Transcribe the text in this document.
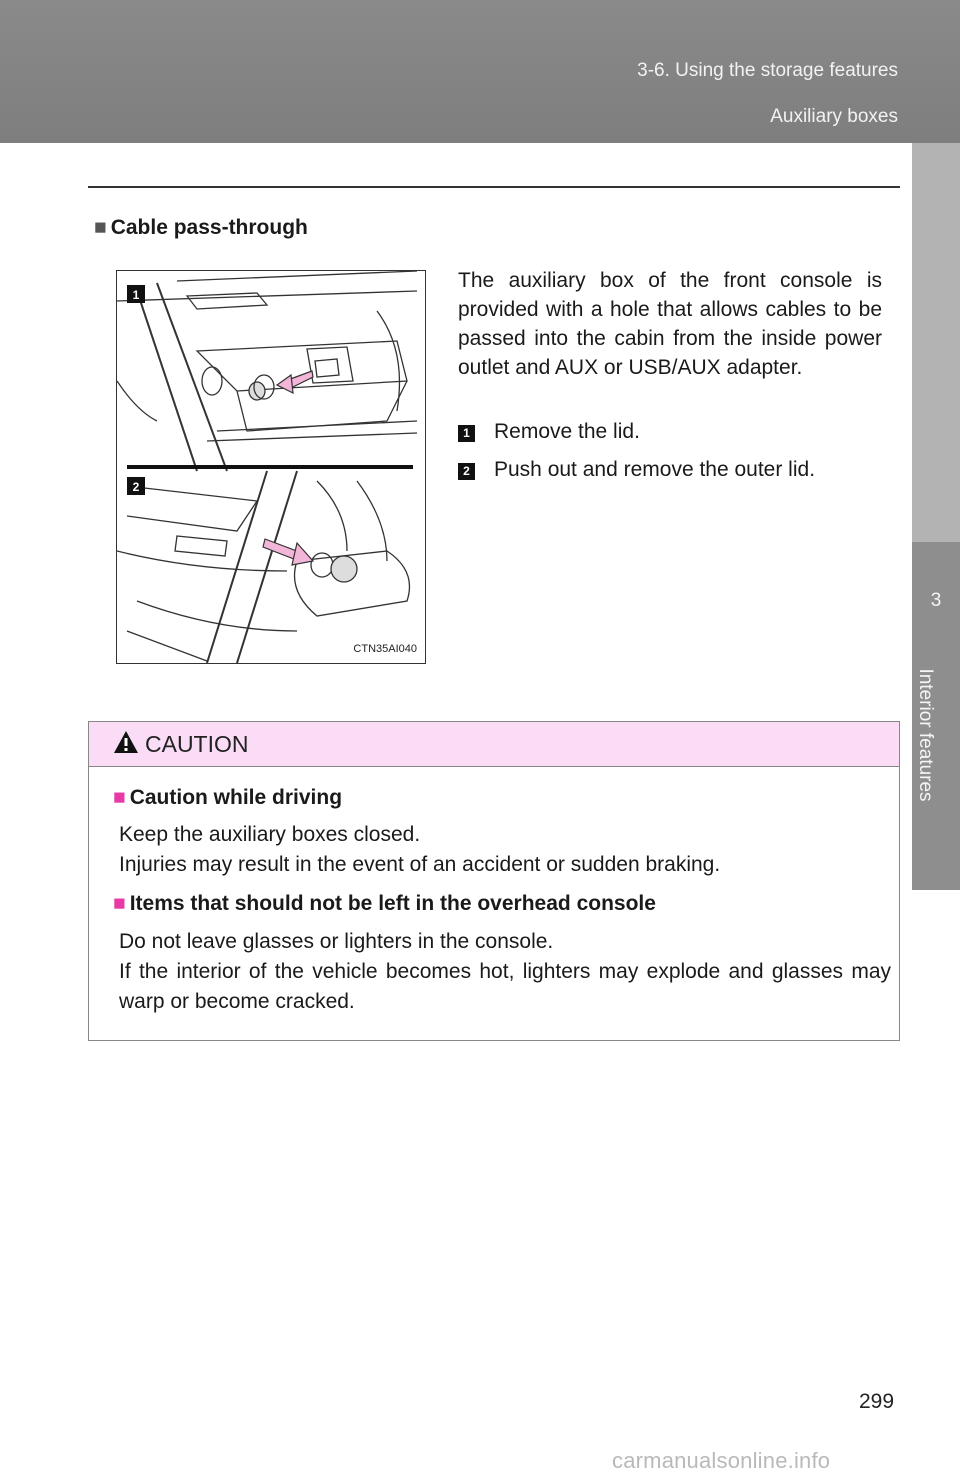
3-6. Using the storage features
Auxiliary boxes
3
Interior features
■ Cable pass-through
1
2
CTN35AI040
The auxiliary box of the front console is provided with a hole that allows cables to be passed into the cabin from the inside power outlet and AUX or USB/AUX adapter.
1 Remove the lid.
2 Push out and remove the outer lid.
CAUTION
■ Caution while driving
Keep the auxiliary boxes closed.
Injuries may result in the event of an accident or sudden braking.
■ Items that should not be left in the overhead console
Do not leave glasses or lighters in the console.
If the interior of the vehicle becomes hot, lighters may explode and glasses may warp or become cracked.
299
carmanualsonline.info
